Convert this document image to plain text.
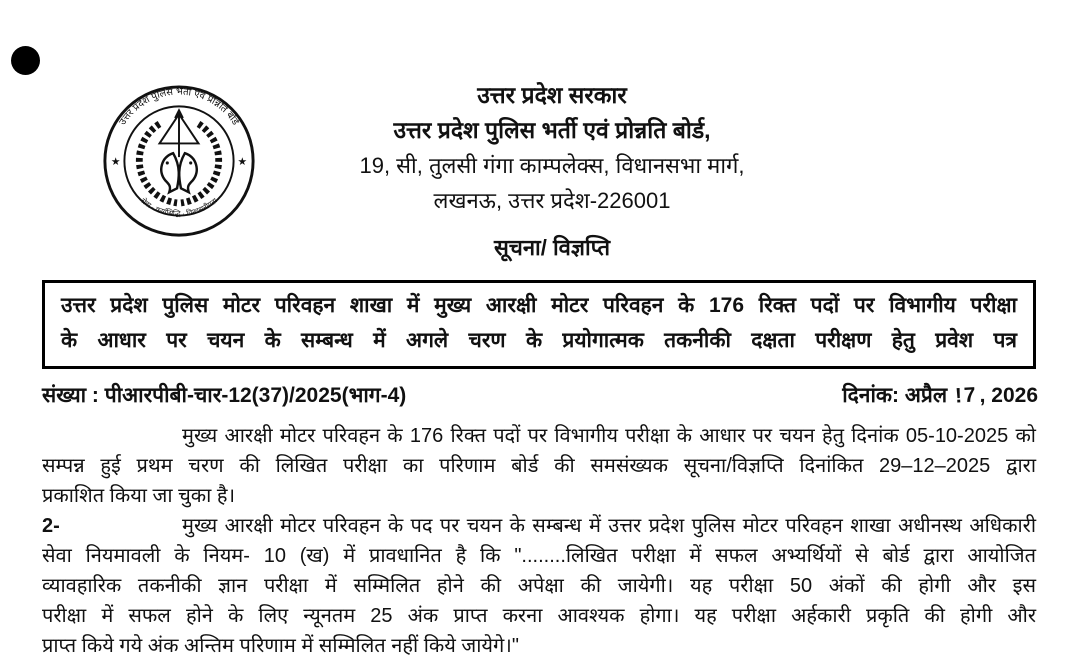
उत्तर प्रदेश पुलिस भर्ती एवं प्रोन्नति बोर्ड
सेवा · कार्यसिद्धि · विश्वसनीयता
★	★
उत्तर प्रदेश सरकार
उत्तर प्रदेश पुलिस भर्ती एवं प्रोन्नति बोर्ड,
19, सी, तुलसी गंगा काम्पलेक्स, विधानसभा मार्ग,
लखनऊ, उत्तर प्रदेश-226001
सूचना/ विज्ञप्ति
उत्तर प्रदेश पुलिस मोटर परिवहन शाखा में मुख्य आरक्षी मोटर परिवहन के 176 रिक्त पदों पर विभागीय परीक्षा
के आधार पर चयन के सम्बन्ध में अगले चरण के प्रयोगात्मक तकनीकी दक्षता परीक्षण हेतु प्रवेश पत्र
संख्या : पीआरपीबी-चार-12(37)/2025(भाग-4)	दिनांक: अप्रैल !7, 2026
मुख्य आरक्षी मोटर परिवहन के 176 रिक्त पदों पर विभागीय परीक्षा के आधार पर चयन हेतु दिनांक 05-10-2025 को
सम्पन्न हुई प्रथम चरण की लिखित परीक्षा का परिणाम बोर्ड की समसंख्यक सूचना/विज्ञप्ति दिनांकित 29–12–2025 द्वारा
प्रकाशित किया जा चुका है।
2-	मुख्य आरक्षी मोटर परिवहन के पद पर चयन के सम्बन्ध में उत्तर प्रदेश पुलिस मोटर परिवहन शाखा अधीनस्थ अधिकारी
सेवा नियमावली के नियम- 10 (ख) में प्रावधानित है कि "........लिखित परीक्षा में सफल अभ्यर्थियों से बोर्ड द्वारा आयोजित
व्यावहारिक तकनीकी ज्ञान परीक्षा में सम्मिलित होने की अपेक्षा की जायेगी। यह परीक्षा 50 अंकों की होगी और इस
परीक्षा में सफल होने के लिए न्यूनतम 25 अंक प्राप्त करना आवश्यक होगा। यह परीक्षा अर्हकारी प्रकृति की होगी और
प्राप्त किये गये अंक अन्तिम परिणाम में सम्मिलित नहीं किये जायेगे।"
